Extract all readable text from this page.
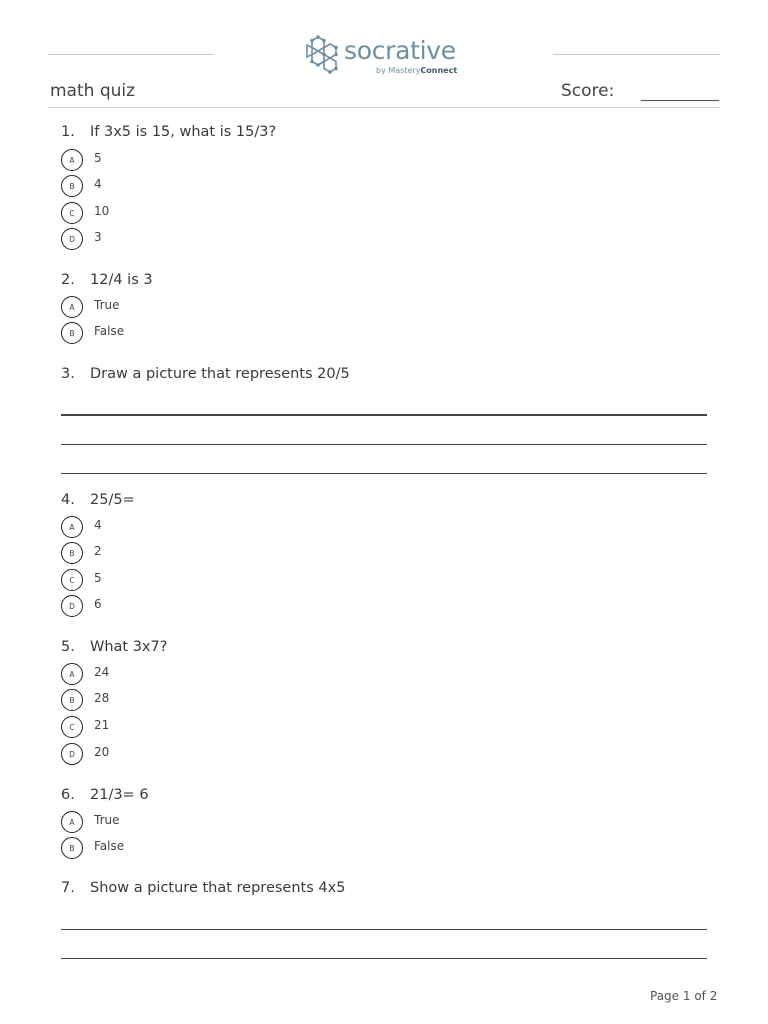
socrative
by MasteryConnect
math quiz	Score:
1. If 3x5 is 15, what is 15/3?
A	5
B	4
C	10
D	3
2. 12/4 is 3
A	True
B	False
3. Draw a picture that represents 20/5
4. 25/5=
A	4
B	2
C	5
D	6
5. What 3x7?
A	24
B	28
C	21
D	20
6. 21/3= 6
A	True
B	False
7. Show a picture that represents 4x5
Page 1 of 2
